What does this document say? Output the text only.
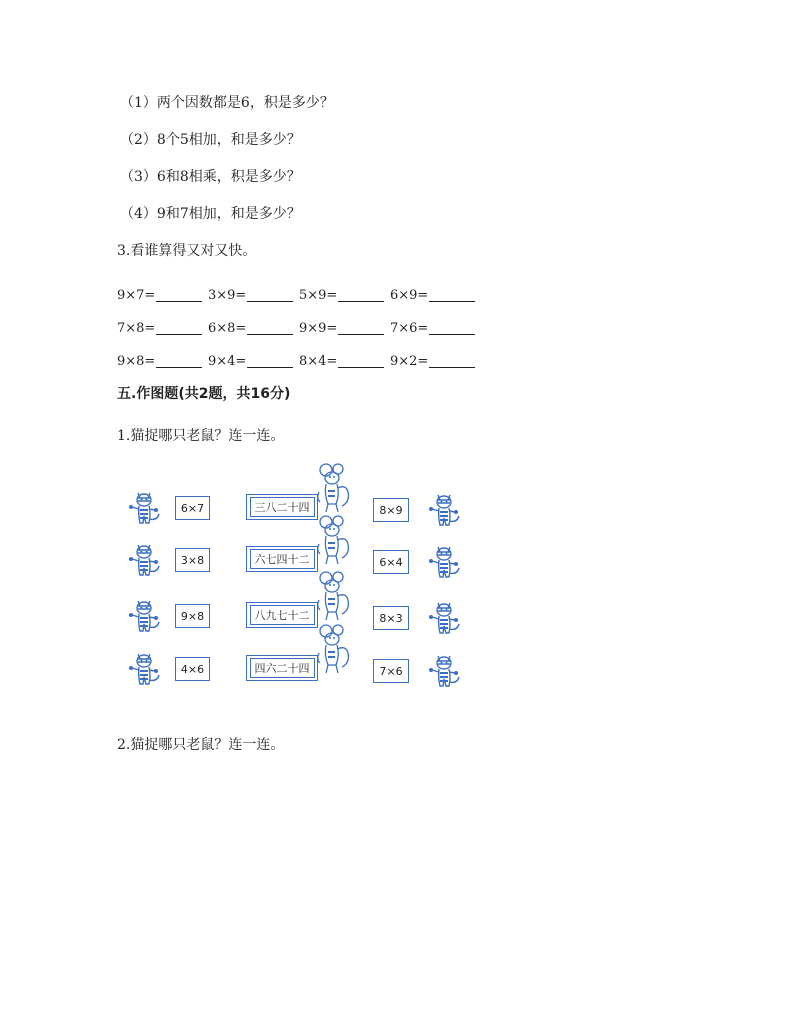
（1）两个因数都是6，积是多少？
（2）8个5相加，和是多少？
（3）6和8相乘，积是多少？
（4）9和7相加，和是多少？
3.看谁算得又对又快。
9×7=	3×9=	5×9=	6×9=
7×8=	6×8=	9×9=	7×6=
9×8=	9×4=	8×4=	9×2=
五.作图题(共2题，共16分)
1.猫捉哪只老鼠？连一连。
6×7	三八二十四	8×9
3×8	六七四十二	6×4
9×8	八九七十二	8×3
4×6	四六二十四	7×6
2.猫捉哪只老鼠？连一连。
